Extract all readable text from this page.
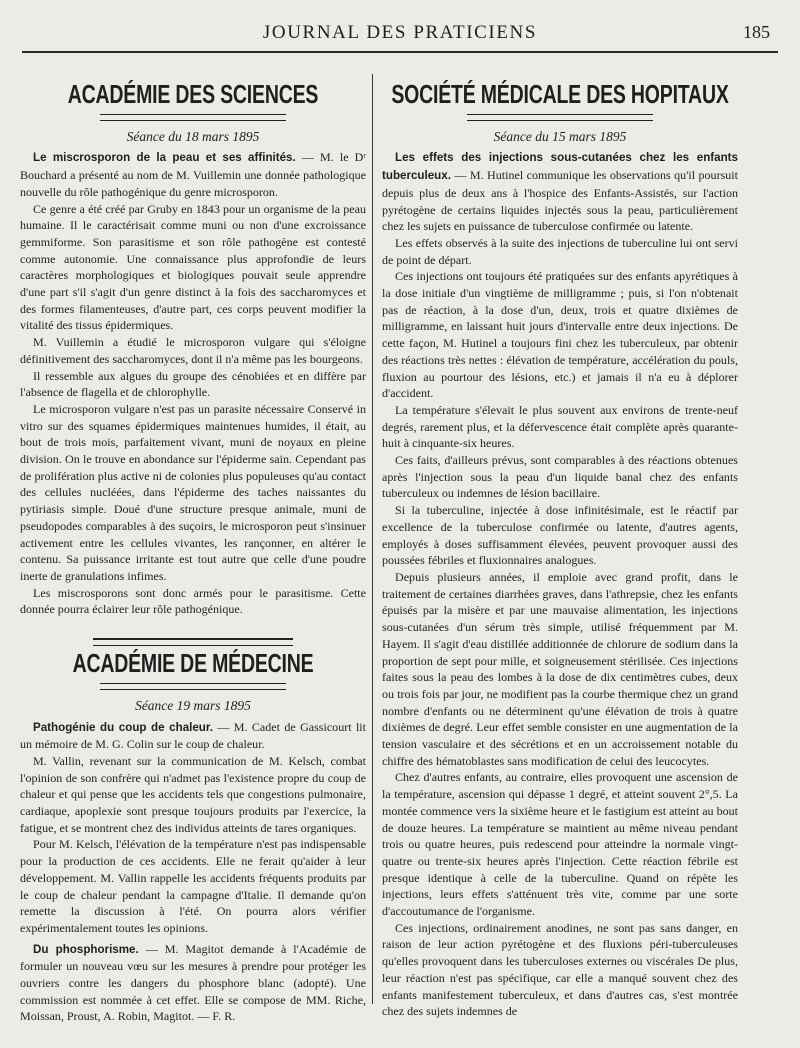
JOURNAL DES PRATICIENS	185
ACADÉMIE DES SCIENCES
Séance du 18 mars 1895

Le miscrosporon de la peau et ses affinités. — M. le Dʳ Bouchard a présenté au nom de M. Vuillemin une donnée pathologique nouvelle du rôle pathogénique du genre microsporon.

Ce genre a été créé par Gruby en 1843 pour un organisme de la peau humaine. Il le caractérisait comme muni ou non d'une excroissance gemmiforme. Son parasitisme et son rôle pathogène est contesté comme autonomie. Une connaissance plus approfondie de leurs caractères morphologiques et biologiques pouvait seule apprendre d'une part s'il s'agit d'un genre distinct à la fois des saccharomyces et des formes filamenteuses, d'autre part, ces corps peuvent modifier la vitalité des tissus épidermiques.

M. Vuillemin a étudié le microsporon vulgare qui s'éloigne définitivement des saccharomyces, dont il n'a même pas les bourgeons.

Il ressemble aux algues du groupe des cénobiées et en diffère par l'absence de flagella et de chlorophylle.

Le microsporon vulgare n'est pas un parasite nécessaire Conservé in vitro sur des squames épidermiques maintenues humides, il était, au bout de trois mois, parfaitement vivant, muni de noyaux en pleine division. On le trouve en abondance sur l'épiderme sain. Cependant pas de prolifération plus active ni de colonies plus populeuses qu'au contact des cellules nucléées, dans l'épiderme des taches naissantes du pytiriasis simple. Doué d'une structure presque animale, muni de pseudopodes comparables à des suçoirs, le microsporon peut s'insinuer activement entre les cellules vivantes, les rançonner, en altérer le contenu. Sa puissance irritante est tout autre que celle d'une poudre inerte de granulations infimes.

Les miscrosporons sont donc armés pour le parasitisme. Cette donnée pourra éclairer leur rôle pathogénique.

ACADÉMIE DE MÉDECINE
Séance 19 mars 1895

Pathogénie du coup de chaleur. — M. Cadet de Gassicourt lit un mémoire de M. G. Colin sur le coup de chaleur.

M. Vallin, revenant sur la communication de M. Kelsch, combat l'opinion de son confrère qui n'admet pas l'existence propre du coup de chaleur et qui pense que les accidents tels que congestions pulmonaire, cardiaque, apoplexie sont presque toujours produits par l'exercice, la fatigue, et se montrent chez des individus atteints de tares organiques.

Pour M. Kelsch, l'élévation de la température n'est pas indispensable pour la production de ces accidents. Elle ne ferait qu'aider à leur développement. M. Vallin rappelle les accidents fréquents produits par le coup de chaleur pendant la campagne d'Italie. Il demande qu'on remette la discussion à l'été. On pourra alors vérifier expérimentalement toutes les opinions.

Du phosphorisme. — M. Magitot demande à l'Académie de formuler un nouveau vœu sur les mesures à prendre pour protéger les ouvriers contre les dangers du phosphore blanc (adopté). Une commission est nommée à cet effet. Elle se compose de MM. Riche, Moissan, Proust, A. Robin, Magitot. — F. R.

SOCIÉTÉ MÉDICALE DES HOPITAUX
Séance du 15 mars 1895

Les effets des injections sous-cutanées chez les enfants tuberculeux. — M. Hutinel communique les observations qu'il poursuit depuis plus de deux ans à l'hospice des Enfants-Assistés, sur l'action pyrétogène de certains liquides injectés sous la peau, particulièrement chez les sujets en puissance de tuberculose confirmée ou latente.

Les effets observés à la suite des injections de tuberculine lui ont servi de point de départ.

Ces injections ont toujours été pratiquées sur des enfants apyrétiques à la dose initiale d'un vingtième de milligramme ; puis, si l'on n'obtenait pas de réaction, à la dose d'un, deux, trois et quatre dixièmes de milligramme, en laissant huit jours d'intervalle entre deux injections. De cette façon, M. Hutinel a toujours fini chez les tuberculeux, par obtenir des réactions très nettes : élévation de température, accélération du pouls, fluxion au pourtour des lésions, etc.) et jamais il n'a eu à déplorer d'accident.

La température s'élevait le plus souvent aux environs de trente-neuf degrés, rarement plus, et la défervescence était complète après quarante-huit à cinquante-six heures.

Ces faits, d'ailleurs prévus, sont comparables à des réactions obtenues après l'injection sous la peau d'un liquide banal chez des enfants tuberculeux ou indemnes de lésion bacillaire.

Si la tuberculine, injectée à dose infinitésimale, est le réactif par excellence de la tuberculose confirmée ou latente, d'autres agents, employés à doses suffisamment élevées, peuvent provoquer aussi des poussées fébriles et fluxionnaires analogues.

Depuis plusieurs années, il emploie avec grand profit, dans le traitement de certaines diarrhées graves, dans l'athrepsie, chez les enfants épuisés par la misère et par une mauvaise alimentation, les injections sous-cutanées d'un sérum très simple, utilisé fréquemment par M. Hayem. Il s'agit d'eau distillée additionnée de chlorure de sodium dans la proportion de sept pour mille, et soigneusement stérilisée. Ces injections faites sous la peau des lombes à la dose de dix centimètres cubes, deux ou trois fois par jour, ne modifient pas la courbe thermique chez un grand nombre d'enfants ou ne déterminent qu'une élévation de trois à quatre dixièmes de degré. Leur effet semble consister en une augmentation de la tension vasculaire et des sécrétions et en un accroissement notable du chiffre des hématoblastes sans modification de celui des leucocytes.

Chez d'autres enfants, au contraire, elles provoquent une ascension de la température, ascension qui dépasse 1 degré, et atteint souvent 2°,5. La montée commence vers la sixième heure et le fastigium est atteint au bout de douze heures. La température se maintient au même niveau pendant trois ou quatre heures, puis redescend pour atteindre la normale vingt-quatre ou trente-six heures après l'injection. Cette réaction fébrile est presque identique à celle de la tuberculine. Quand on répète les injections, leurs effets s'atténuent très vite, comme par une sorte d'accoutumance de l'organisme.

Ces injections, ordinairement anodines, ne sont pas sans danger, en raison de leur action pyrétogène et des fluxions péri-tuberculeuses qu'elles provoquent dans les tuberculoses externes ou viscérales De plus, leur réaction n'est pas spécifique, car elle a manqué souvent chez des enfants manifestement tuberculeux, et dans d'autres cas, s'est montrée chez des sujets indemnes de
